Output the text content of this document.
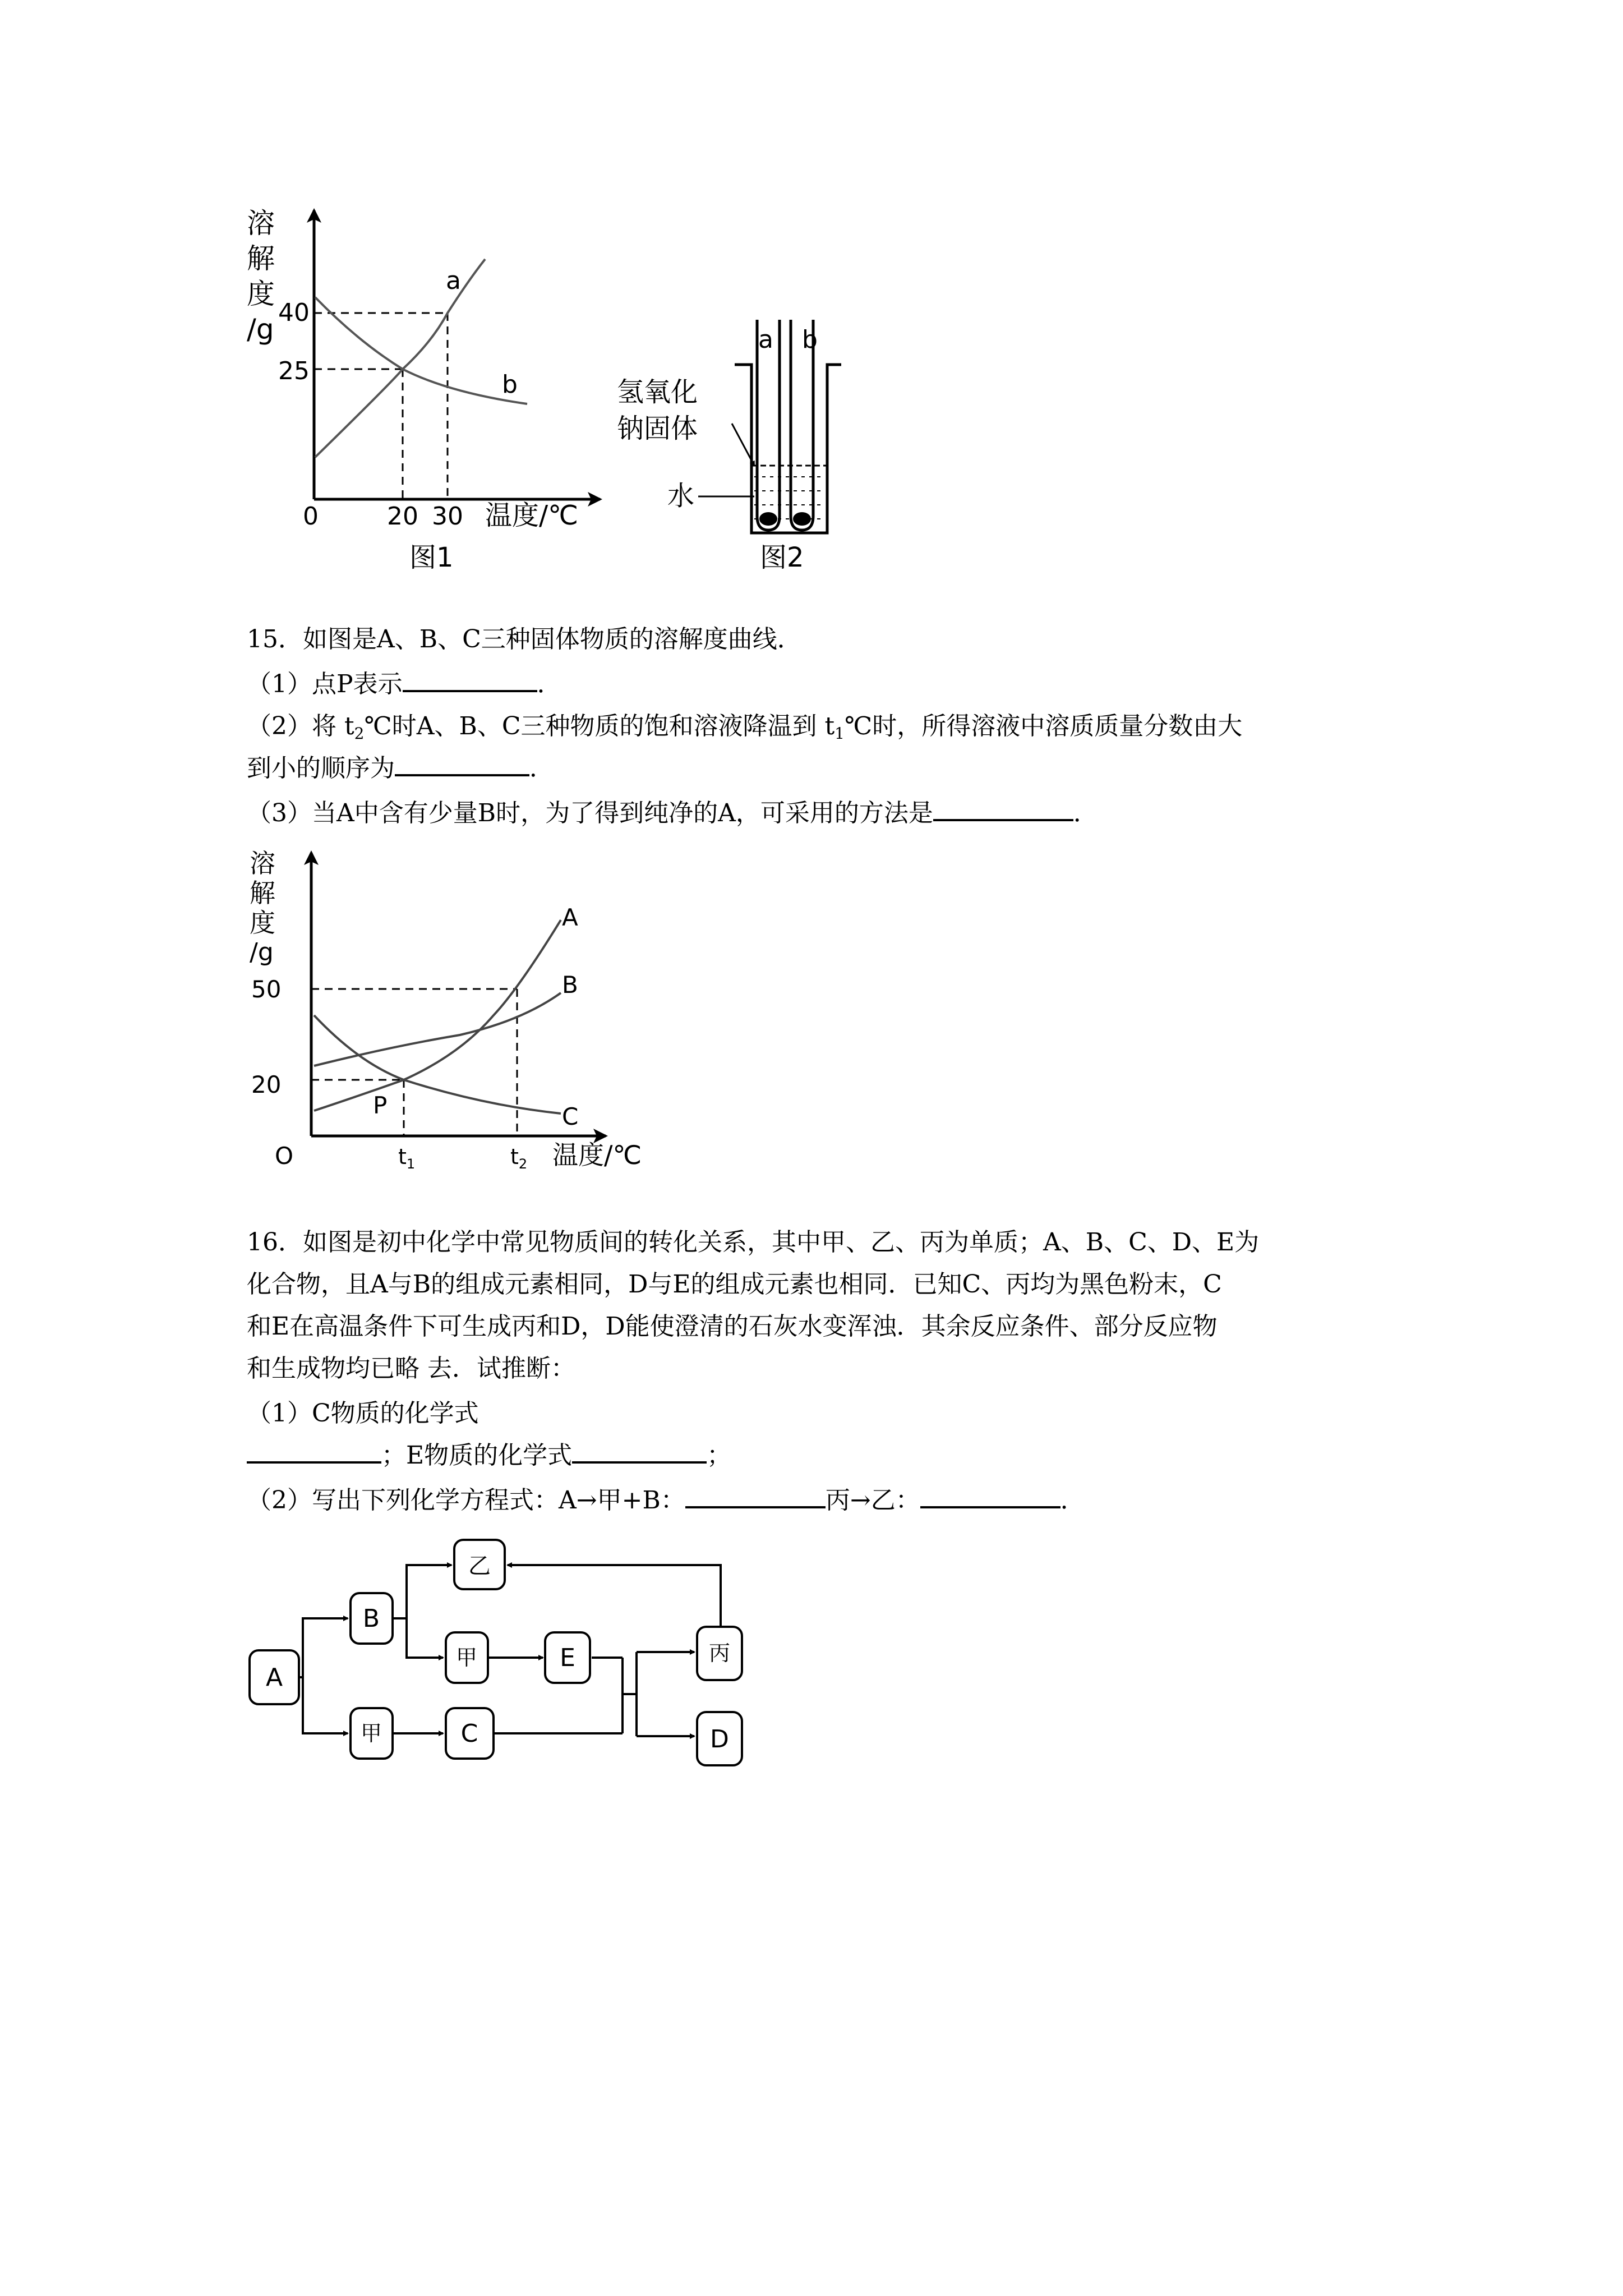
溶
解
度
/g
40
25
0	20 30 温度/℃
图1
a
b
a b
氢氧化
钠固体
水
图2
15．如图是A、B、C三种固体物质的溶解度曲线．
（1）点P表示	．
（2）将 $t_2℃$时A、B、C三种物质的饱和溶液降温到 $t_1℃$时，所得溶液中溶质质量分数由大
到小的顺序为	．
（3）当A中含有少量B时，为了得到纯净的A，可采用的方法是	．
溶
解
度
/g
50
20
O	$t_1$	$t_2$ 温度/℃
A
B
C
P
16．如图是初中化学中常见物质间的转化关系，其中甲、乙、丙为单质；A、B、C、D、E为
化合物，且A与B的组成元素相同，D与E的组成元素也相同．已知C、丙均为黑色粉末，C
和E在高温条件下可生成丙和D，D能使澄清的石灰水变浑浊．其余反应条件、部分反应物
和生成物均已略 去．试推断：
（1）C物质的化学式
；E物质的化学式	；
（2）写出下列化学方程式：A→甲+B：	丙→乙：	．
A
B
乙
甲	E	丙
甲	C	D
